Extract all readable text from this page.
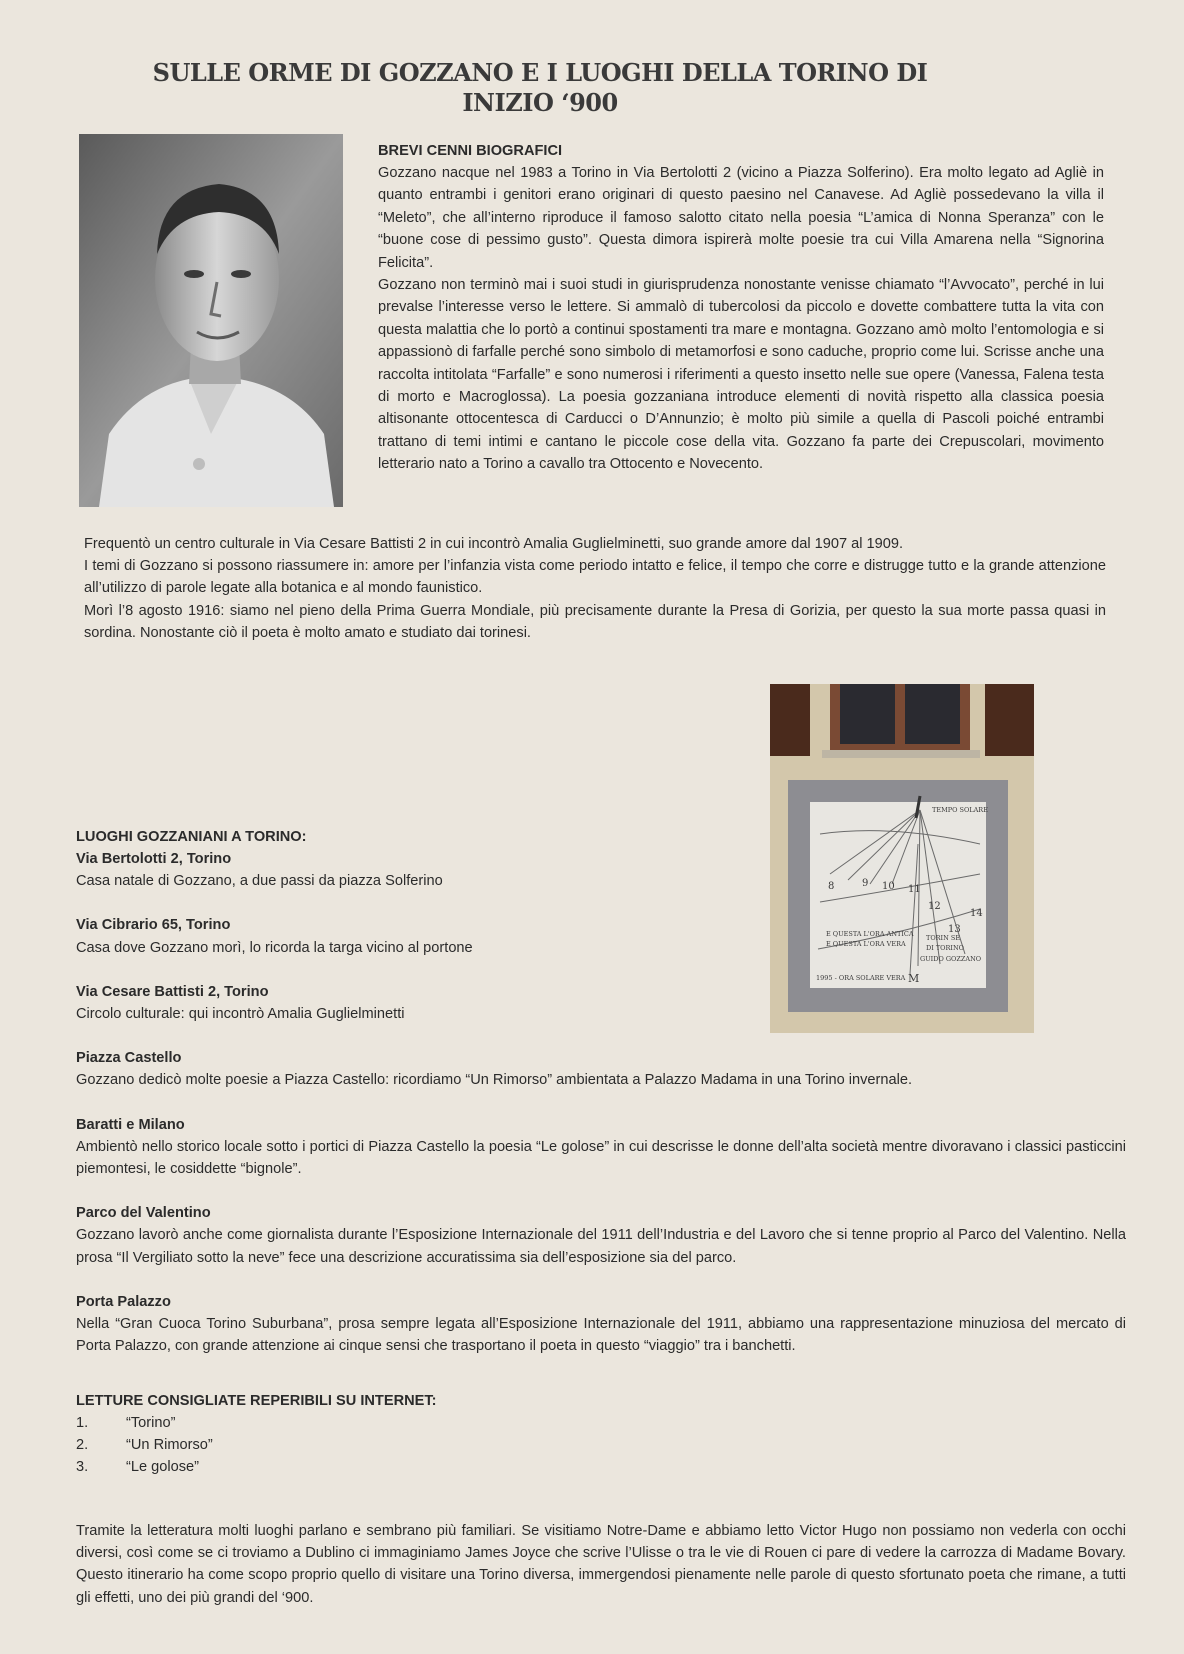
SULLE ORME DI GOZZANO E I LUOGHI DELLA TORINO DI
INIZIO ‘900
BREVI CENNI BIOGRAFICI

Gozzano nacque nel 1983 a Torino in Via Bertolotti 2 (vicino a Piazza Solferino). Era molto legato ad Agliè in quanto entrambi i genitori erano originari di questo paesino nel Canavese. Ad Agliè possedevano la villa il “Meleto”, che all’interno riproduce il famoso salotto citato nella poesia “L’amica di Nonna Speranza” con le “buone cose di pessimo gusto”. Questa dimora ispirerà molte poesie tra cui Villa Amarena nella “Signorina Felicita”.

Gozzano non terminò mai i suoi studi in giurisprudenza nonostante venisse chiamato “l’Avvocato”, perché in lui prevalse l’interesse verso le lettere. Si ammalò di tubercolosi da piccolo e dovette combattere tutta la vita con questa malattia che lo portò a continui spostamenti tra mare e montagna. Gozzano amò molto l’entomologia e si appassionò di farfalle perché sono simbolo di metamorfosi e sono caduche, proprio come lui. Scrisse anche una raccolta intitolata “Farfalle” e sono numerosi i riferimenti a questo insetto nelle sue opere (Vanessa, Falena testa di morto e Macroglossa). La poesia gozzaniana introduce elementi di novità rispetto alla classica poesia altisonante ottocentesca di Carducci o D’Annunzio; è molto più simile a quella di Pascoli poiché entrambi trattano di temi intimi e cantano le piccole cose della vita. Gozzano fa parte dei Crepuscolari, movimento letterario nato a Torino a cavallo tra Ottocento e Novecento.

Frequentò un centro culturale in Via Cesare Battisti 2 in cui incontrò Amalia Guglielminetti, suo grande amore dal 1907 al 1909.

I temi di Gozzano si possono riassumere in: amore per l’infanzia vista come periodo intatto e felice, il tempo che corre e distrugge tutto e la grande attenzione all’utilizzo di parole legate alla botanica e al mondo faunistico.

Morì l’8 agosto 1916: siamo nel pieno della Prima Guerra Mondiale, più precisamente durante la Presa di Gorizia, per questo la sua morte passa quasi in sordina. Nonostante ciò il poeta è molto amato e studiato dai torinesi.

8	9 10 11
12
13
14
TEMPO SOLARE
E QUESTA L'ORA ANTICA
E QUESTA L'ORA VERA
TORIN SE
DI TORINO
GUIDO GOZZANO
1995 - ORA SOLARE VERA M
LUOGHI GOZZANIANI A TORINO:
Via Bertolotti 2, Torino
Casa natale di Gozzano, a due passi da piazza Solferino
Via Cibrario 65, Torino
Casa dove Gozzano morì, lo ricorda la targa vicino al portone
Via Cesare Battisti 2, Torino
Circolo culturale: qui incontrò Amalia Guglielminetti
Piazza Castello
Gozzano dedicò molte poesie a Piazza Castello: ricordiamo “Un Rimorso” ambientata a Palazzo Madama in una Torino invernale.
Baratti e Milano
Ambientò nello storico locale sotto i portici di Piazza Castello la poesia “Le golose” in cui descrisse le donne dell’alta società mentre divoravano i classici pasticcini piemontesi, le cosiddette “bignole”.
Parco del Valentino
Gozzano lavorò anche come giornalista durante l’Esposizione Internazionale del 1911 dell’Industria e del Lavoro che si tenne proprio al Parco del Valentino. Nella prosa “Il Vergiliato sotto la neve” fece una descrizione accuratissima sia dell’esposizione sia del parco.
Porta Palazzo
Nella “Gran Cuoca Torino Suburbana”, prosa sempre legata all’Esposizione Internazionale del 1911, abbiamo una rappresentazione minuziosa del mercato di Porta Palazzo, con grande attenzione ai cinque sensi che trasportano il poeta in questo “viaggio” tra i banchetti.
LETTURE CONSIGLIATE REPERIBILI SU INTERNET:
1.	“Torino”
2.	“Un Rimorso”
3.	“Le golose”

Tramite la letteratura molti luoghi parlano e sembrano più familiari. Se visitiamo Notre-Dame e abbiamo letto Victor Hugo non possiamo non vederla con occhi diversi, così come se ci troviamo a Dublino ci immaginiamo James Joyce che scrive l’Ulisse o tra le vie di Rouen ci pare di vedere la carrozza di Madame Bovary. Questo itinerario ha come scopo proprio quello di visitare una Torino diversa, immergendosi pienamente nelle parole di questo sfortunato poeta che rimane, a tutti gli effetti, uno dei più grandi del ‘900.
